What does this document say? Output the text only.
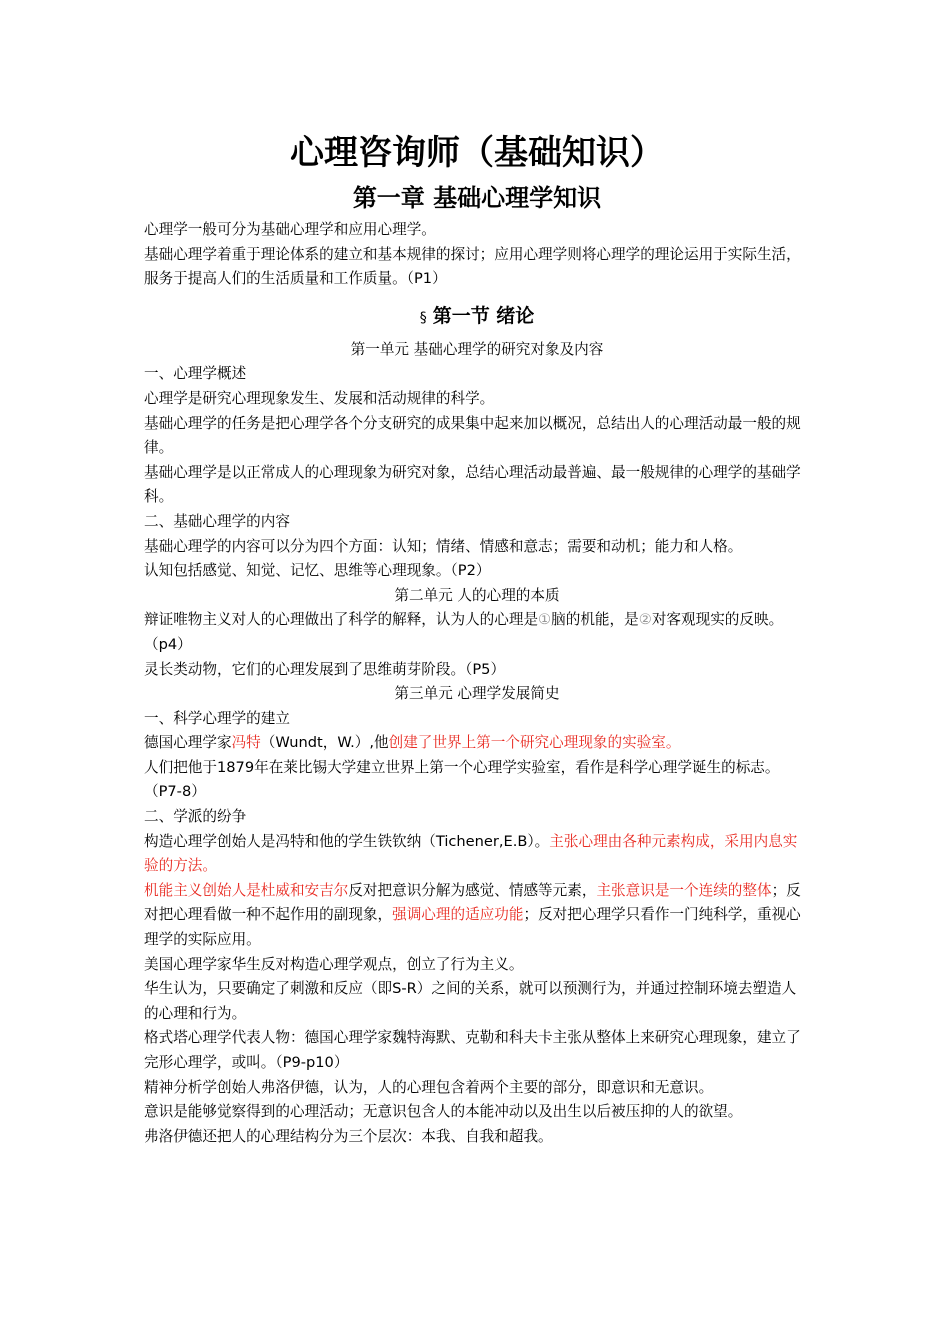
心理咨询师（基础知识）
第一章 基础心理学知识

心理学一般可分为基础心理学和应用心理学。

基础心理学着重于理论体系的建立和基本规律的探讨；应用心理学则将心理学的理论运用于实际生活，服务于提高人们的生活质量和工作质量。（P1）

§ 第一节 绪论

第一单元 基础心理学的研究对象及内容

一、心理学概述

心理学是研究心理现象发生、发展和活动规律的科学。

基础心理学的任务是把心理学各个分支研究的成果集中起来加以概况，总结出人的心理活动最一般的规律。

基础心理学是以正常成人的心理现象为研究对象，总结心理活动最普遍、最一般规律的心理学的基础学科。

二、基础心理学的内容

基础心理学的内容可以分为四个方面：认知；情绪、情感和意志；需要和动机；能力和人格。

认知包括感觉、知觉、记忆、思维等心理现象。（P2）

第二单元 人的心理的本质

辩证唯物主义对人的心理做出了科学的解释，认为人的心理是①脑的机能，是②对客观现实的反映。（p4）

灵长类动物，它们的心理发展到了思维萌芽阶段。（P5）

第三单元 心理学发展简史

一、科学心理学的建立

德国心理学家冯特（Wundt，W.）,他创建了世界上第一个研究心理现象的实验室。

人们把他于1879年在莱比锡大学建立世界上第一个心理学实验室，看作是科学心理学诞生的标志。（P7-8）

二、学派的纷争

构造心理学创始人是冯特和他的学生铁钦纳（Tichener,E.B）。主张心理由各种元素构成，采用内息实验的方法。

机能主义创始人是杜威和安吉尔反对把意识分解为感觉、情感等元素，主张意识是一个连续的整体；反对把心理看做一种不起作用的副现象，强调心理的适应功能；反对把心理学只看作一门纯科学，重视心理学的实际应用。

美国心理学家华生反对构造心理学观点，创立了行为主义。

华生认为，只要确定了刺激和反应（即S-R）之间的关系，就可以预测行为，并通过控制环境去塑造人的心理和行为。

格式塔心理学代表人物：德国心理学家魏特海默、克勒和科夫卡主张从整体上来研究心理现象，建立了完形心理学，或叫。（P9-p10）

精神分析学创始人弗洛伊德，认为，人的心理包含着两个主要的部分，即意识和无意识。

意识是能够觉察得到的心理活动；无意识包含人的本能冲动以及出生以后被压抑的人的欲望。

弗洛伊德还把人的心理结构分为三个层次：本我、自我和超我。
